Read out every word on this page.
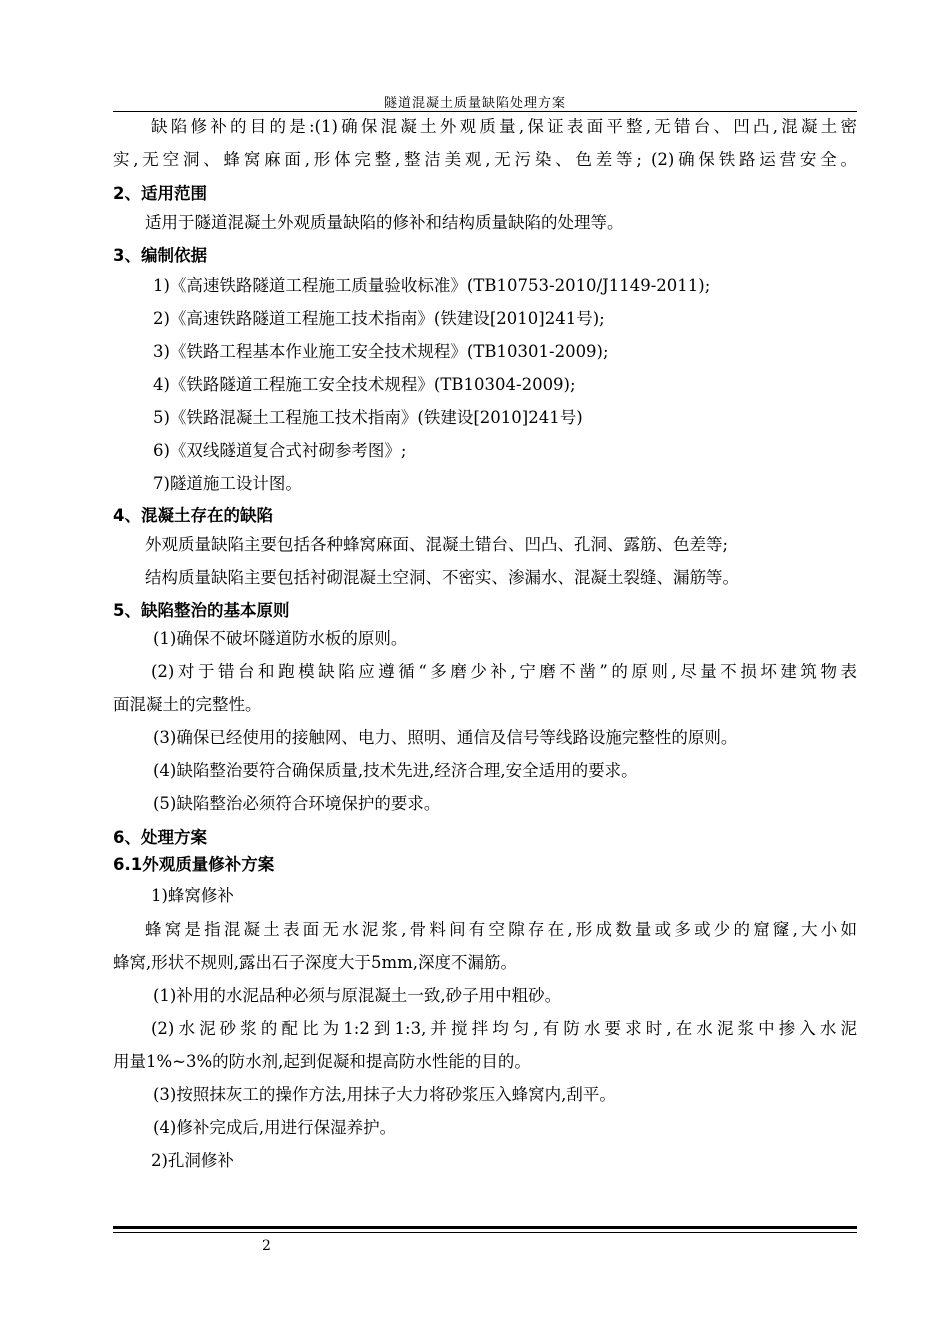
隧道混凝土质量缺陷处理方案
缺陷修补的目的是:(1)确保混凝土外观质量,保证表面平整,无错台、凹凸,混凝土密
实,无空洞、蜂窝麻面,形体完整,整洁美观,无污染、色差等; (2)确保铁路运营安全。
2、适用范围
适用于隧道混凝土外观质量缺陷的修补和结构质量缺陷的处理等。
3、编制依据
1)《高速铁路隧道工程施工质量验收标准》(TB10753-2010/J1149-2011);
2)《高速铁路隧道工程施工技术指南》(铁建设[2010]241号);
3)《铁路工程基本作业施工安全技术规程》(TB10301-2009);
4)《铁路隧道工程施工安全技术规程》(TB10304-2009);
5)《铁路混凝土工程施工技术指南》(铁建设[2010]241号)
6)《双线隧道复合式衬砌参考图》;
7)隧道施工设计图。
4、混凝土存在的缺陷
外观质量缺陷主要包括各种蜂窝麻面、混凝土错台、凹凸、孔洞、露筋、色差等;
结构质量缺陷主要包括衬砌混凝土空洞、不密实、渗漏水、混凝土裂缝、漏筋等。
5、缺陷整治的基本原则
(1)确保不破坏隧道防水板的原则。
(2)对于错台和跑模缺陷应遵循“多磨少补,宁磨不凿”的原则,尽量不损坏建筑物表
面混凝土的完整性。
(3)确保已经使用的接触网、电力、照明、通信及信号等线路设施完整性的原则。
(4)缺陷整治要符合确保质量,技术先进,经济合理,安全适用的要求。
(5)缺陷整治必须符合环境保护的要求。
6、处理方案
6.1外观质量修补方案
1)蜂窝修补
蜂窝是指混凝土表面无水泥浆,骨料间有空隙存在,形成数量或多或少的窟窿,大小如
蜂窝,形状不规则,露出石子深度大于5mm,深度不漏筋。
(1)补用的水泥品种必须与原混凝土一致,砂子用中粗砂。
(2)水泥砂浆的配比为1:2到1:3,并搅拌均匀,有防水要求时,在水泥浆中掺入水泥
用量1%~3%的防水剂,起到促凝和提高防水性能的目的。
(3)按照抹灰工的操作方法,用抹子大力将砂浆压入蜂窝内,刮平。
(4)修补完成后,用进行保湿养护。
2)孔洞修补
2
